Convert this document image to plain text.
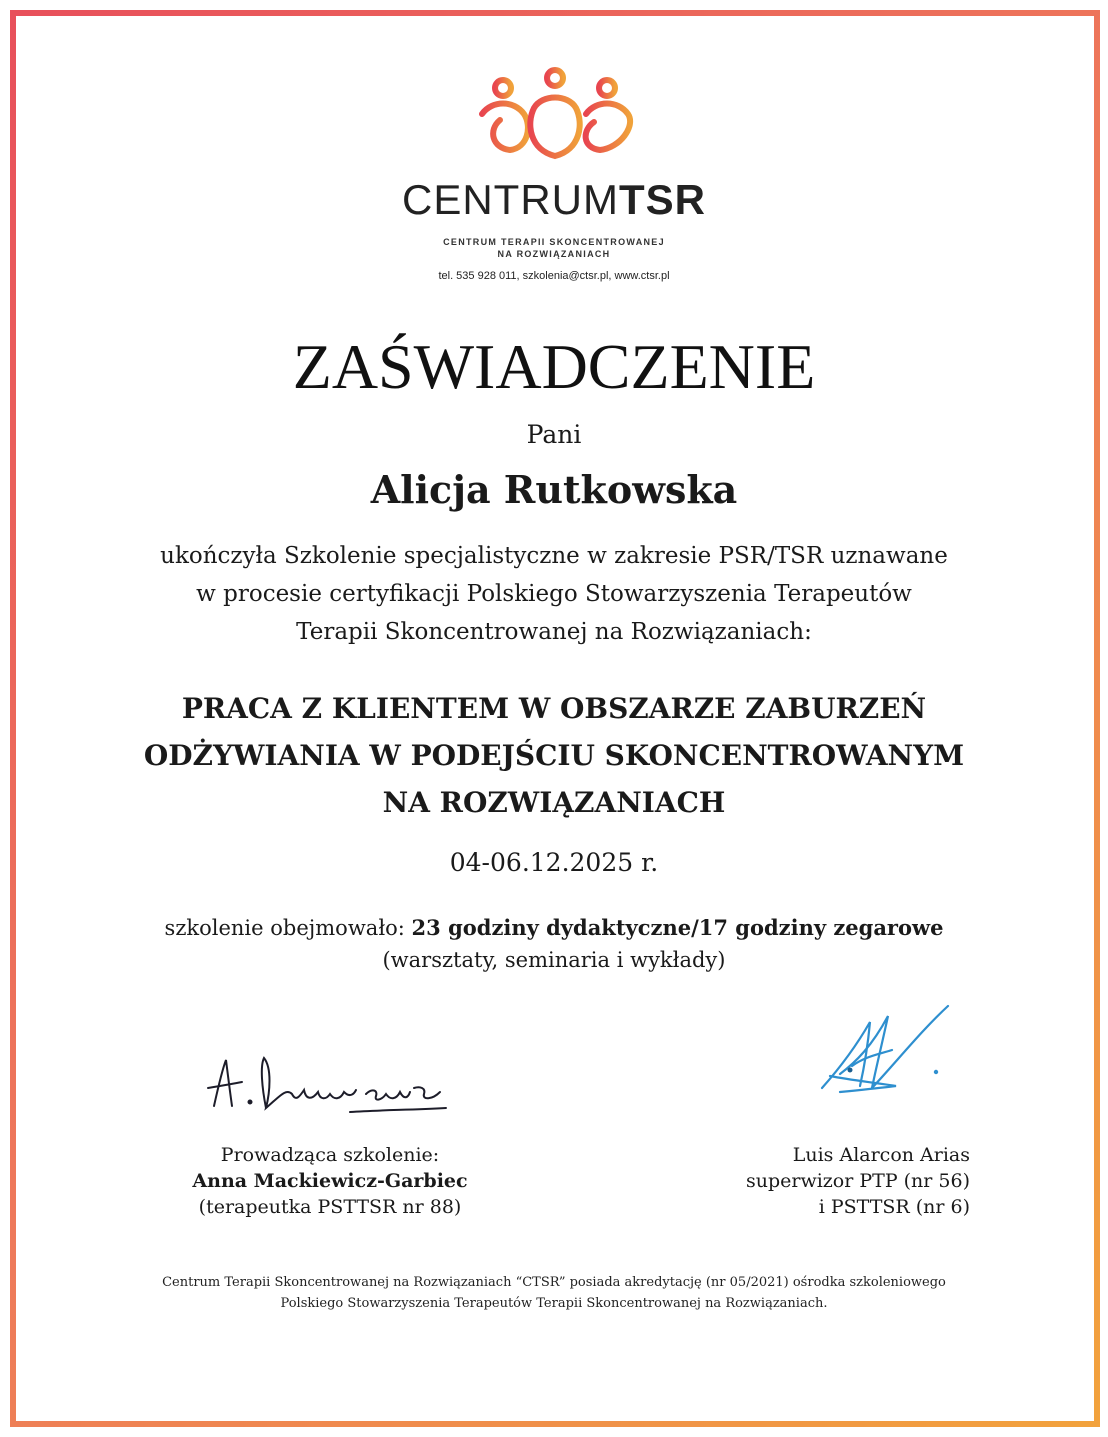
CENTRUMTSR
CENTRUM TERAPII SKONCENTROWANEJ
NA ROZWIĄZANIACH
tel. 535 928 011, szkolenia@ctsr.pl, www.ctsr.pl
ZAŚWIADCZENIE
Pani
Alicja Rutkowska
ukończyła Szkolenie specjalistyczne w zakresie PSR/TSR uznawane
w procesie certyfikacji Polskiego Stowarzyszenia Terapeutów
Terapii Skoncentrowanej na Rozwiązaniach:
PRACA Z KLIENTEM W OBSZARZE ZABURZEŃ
ODŻYWIANIA W PODEJŚCIU SKONCENTROWANYM
NA ROZWIĄZANIACH
04-06.12.2025 r.
szkolenie obejmowało: 23 godziny dydaktyczne/17 godziny zegarowe
(warsztaty, seminaria i wykłady)
Prowadząca szkolenie:
Anna Mackiewicz-Garbiec
(terapeutka PSTTSR nr 88)
Luis Alarcon Arias
superwizor PTP (nr 56)
i PSTTSR (nr 6)
Centrum Terapii Skoncentrowanej na Rozwiązaniach “CTSR” posiada akredytację (nr 05/2021) ośrodka szkoleniowego
Polskiego Stowarzyszenia Terapeutów Terapii Skoncentrowanej na Rozwiązaniach.
